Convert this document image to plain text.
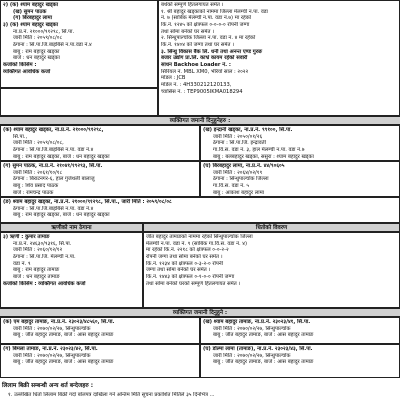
२) (क) श्याम बहादुर खड्का
(ख) सुमन पाठक
(ग) बिरबहादुर लामा
३) (क) श्याम बहादुर खड्का
ना.प्र.नं. २१०००/९१२९८, सि.पा.
जारी मिति : २०५९/०८/०८
ठेगाना : सि.पा.जि.बाह्रबिसे न.पा.वडा नं.४
बाबु : राम बहादुर खड्का
बाजे : धन बहादुर खड्का
कर्जाको किसिम :
व्यक्तिगत आवधिक कर्जा
बर्थको सम्पूर्ण हितलगायत समेत ।
१. श्री बहादुर खड्काको नाममा जिल्ला मेलम्ची न.पा. वडा
नं. ७ (साबिक मेलम्ची न.पा. वडा नं.७) मा रहेको
कि.नं. १२४५ को क्षेत्रफल ०-०-०-० रोपनी जग्गा
तथा सोमा बनेको घर समेत ।
२. सिन्धुपाल्चोक जिल्ला न.पा. वडा नं. ४ मा रहेको
कि.नं. १४०४ को जग्गा तथा घर समेत ।
३. सिन्धु विकास बैंक लि. धनी तथा अनन्त एण्ड गुरुङ
बजार उद्योग प्रा.लि. काभ्रे कायम रहेको सवारी
साधन Backhoe Loader नं. :
सिरियल नं. MBL XM0, भेरियो साल : २०२२
मोडल : JCB
मोडेल नं. : 4H330212120133,
च्यासिस नं. : TEP9005IKMA018294
व्यक्तिगत जमानी दिनुहुनेहरु :
(क) श्याम बहादुर खड्का, ना.प्र.नं. २१०००/९१२९८,
सि.पा.,
जारी मिति : २०५९/०८/०८,
ठेगाना : सि.पा.जि.बाह्रबिसे न.पा. वडा नं.४
बाबु : राम बहादुर खड्का, बाजे : धन बहादुर खड्का
(ख) इन्द्रानी खड्का, ना.प्र.नं. ९९१००, सि.पा.
जारी मिति : २०५०/०१/२६
ठेगाना : सि.पा.जि. इन्द्रावती
गा.वि.स. वडा नं. ३, हाल मेलम्ची न.पा. वडा नं.७
बाबु : बलबहादुर खड्का, ससुरा : श्याम बहादुर खड्का
(ग) सुमन पाठक, ना.प्र.नं. २१०४१/१९२९३, सि.पा.
जारी मिति : २०६१/१०/१८
ठेगाना : बिराटनगर-६, हाल गुर्जेथली बालाजु
बाबु : शिव प्रसाद पाठक
बाजे : रामचन्द्र पाठक
(घ) बिरबहादुर लामा, ना.प्र.नं. ४४/९०६०५
जारी मिति : २०६४/०२/१९
ठेगाना : सिन्धुपाल्चोक जिल्ला
गा.वि.स. वडा नं. ५
बाबु : आकाश बहादुर लामा
(ङ) श्याम बहादुर खड्का, ना.प्र.नं. २१०००/९१२९८, सि.पा., जारी मिति : २०५९/०८/०८
ठेगाना : सि.पा.जि.बाह्रबिसे न.पा. वडा नं.४
बाबु : राम बहादुर खड्का, बाजे : धन बहादुर खड्का
ऋणीको नाम ठेगाना	धितोको विवरण
३) ऋणी : कुमार तामाङ
ना.प्र.नं. २४६३०/९३१६, सि.पा.
जारी मिति : २०६०/१२/१२
ठेगाना : सि.पा.जि. मेलम्ची न.पा.
वडा नं. ९
बाबु : राम बहादुर तामाङ
बाजे : धन बहादुर तामाङ
कर्जाको किसिम : व्यक्तिगत आवधिक कर्जा
जीत बहादुर तामाङको नाममा रहेको सिन्धुपाल्चोक जिल्ला
मेलम्ची न.पा. वडा नं. ९ (साबिक गा.वि.स. वडा नं. ४)
मा रहेको कि.नं. २२१८ को क्षेत्रफल ०-०-२-२
रोपनी जग्गा तथा सोमा बनेको घर समेत ।
कि.नं. १२३४ को क्षेत्रफल ०-३-२-० रोपनी
जग्गा तथा सोमा बनेको घर समेत ।
कि.नं. १४४३ को क्षेत्रफल ०-१-०-० रोपनी जग्गा
तथा सोमा बनेको घरको सम्पूर्ण हितलगायत समेत ।
व्यक्तिगत जमानी दिनुहुने :
(क) एम बहादुर तामाङ, ना.प्र.नं. २३०२३/४८५६०, सि.पा.
जारी मिति : २०७०/०२/२७, सिन्धुपाल्चोक
बाबु : जीत बहादुर तामाङ, बाजे : आस बहादुर तामाङ
(ख) श्याम बहादुर तामाङ, ना.प्र.नं. २३०२३/४१, सि.पा.
जारी मिति : २०७०/०२/२७, सिन्धुपाल्चोक
बाबु : जीत बहादुर तामाङ, बाजे : आस बहादुर तामाङ
(ग) बिमला तामाङ, ना.प्र.नं. २३०२३/४२, सि.पा.
जारी मिति : २०७०/०२/२७, सिन्धुपाल्चोक
बाबु : जीत बहादुर तामाङ, बाजे : आस बहादुर तामाङ
(घ) डोल्मा लामा (तामाङ), ना.प्र.नं. २३०२३/४३, सि.पा.
जारी मिति : २०७०/०२/२७, सिन्धुपाल्चोक
बाबु : जीत बहादुर तामाङ, बाजे : आस बहादुर तामाङ
लिलाम बिक्री सम्बन्धी अन्य शर्त बन्देजहरु :
१. उल्लेखित धितो लिलाम बिक्री गर्दा बोलपत्र दाखिला गर्ने अन्तिम मिति सूचना प्रकाशित मितिले ३५ दिनभित्र ...
